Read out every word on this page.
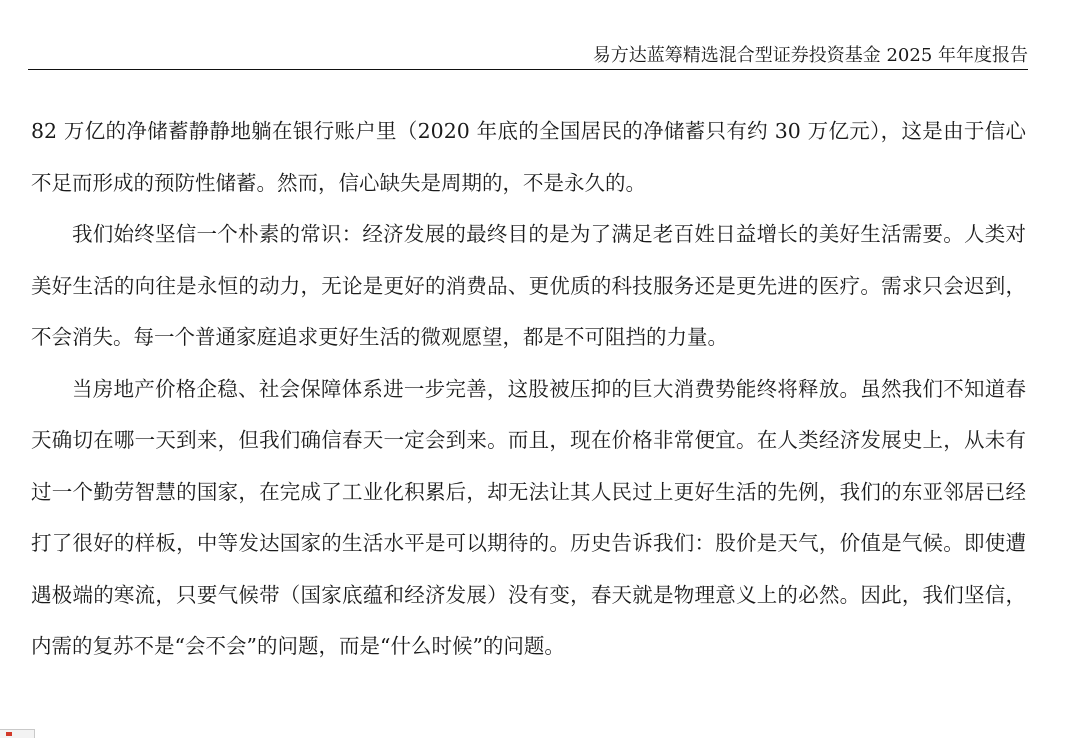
易方达蓝筹精选混合型证券投资基金 2025 年年度报告

82 万亿的净储蓄静静地躺在银行账户里（2020 年底的全国居民的净储蓄只有约 30 万亿元），这是由于信心不足而形成的预防性储蓄。然而，信心缺失是周期的，不是永久的。

我们始终坚信一个朴素的常识：经济发展的最终目的是为了满足老百姓日益增长的美好生活需要。人类对美好生活的向往是永恒的动力，无论是更好的消费品、更优质的科技服务还是更先进的医疗。需求只会迟到，不会消失。每一个普通家庭追求更好生活的微观愿望，都是不可阻挡的力量。

当房地产价格企稳、社会保障体系进一步完善，这股被压抑的巨大消费势能终将释放。虽然我们不知道春天确切在哪一天到来，但我们确信春天一定会到来。而且，现在价格非常便宜。在人类经济发展史上，从未有过一个勤劳智慧的国家，在完成了工业化积累后，却无法让其人民过上更好生活的先例，我们的东亚邻居已经打了很好的样板，中等发达国家的生活水平是可以期待的。历史告诉我们：股价是天气，价值是气候。即使遭遇极端的寒流，只要气候带（国家底蕴和经济发展）没有变，春天就是物理意义上的必然。因此，我们坚信，内需的复苏不是“会不会”的问题，而是“什么时候”的问题。
